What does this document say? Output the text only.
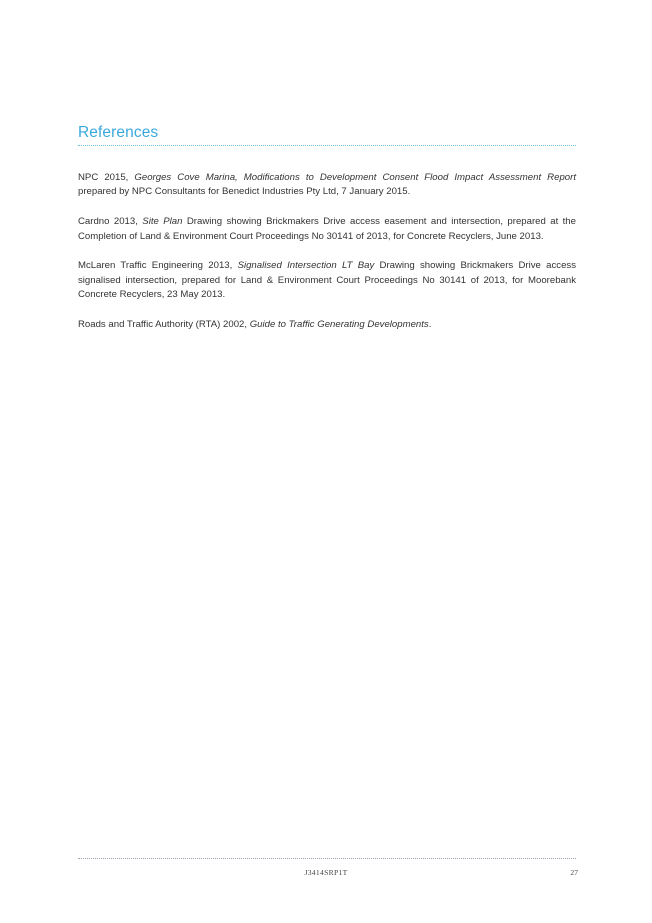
References

NPC 2015, Georges Cove Marina, Modifications to Development Consent Flood Impact Assessment Report prepared by NPC Consultants for Benedict Industries Pty Ltd, 7 January 2015.

Cardno 2013, Site Plan Drawing showing Brickmakers Drive access easement and intersection, prepared at the Completion of Land & Environment Court Proceedings No 30141 of 2013, for Concrete Recyclers, June 2013.

McLaren Traffic Engineering 2013, Signalised Intersection LT Bay Drawing showing Brickmakers Drive access signalised intersection, prepared for Land & Environment Court Proceedings No 30141 of 2013, for Moorebank Concrete Recyclers, 23 May 2013.

Roads and Traffic Authority (RTA) 2002, Guide to Traffic Generating Developments.

J3414SRP1T	27
